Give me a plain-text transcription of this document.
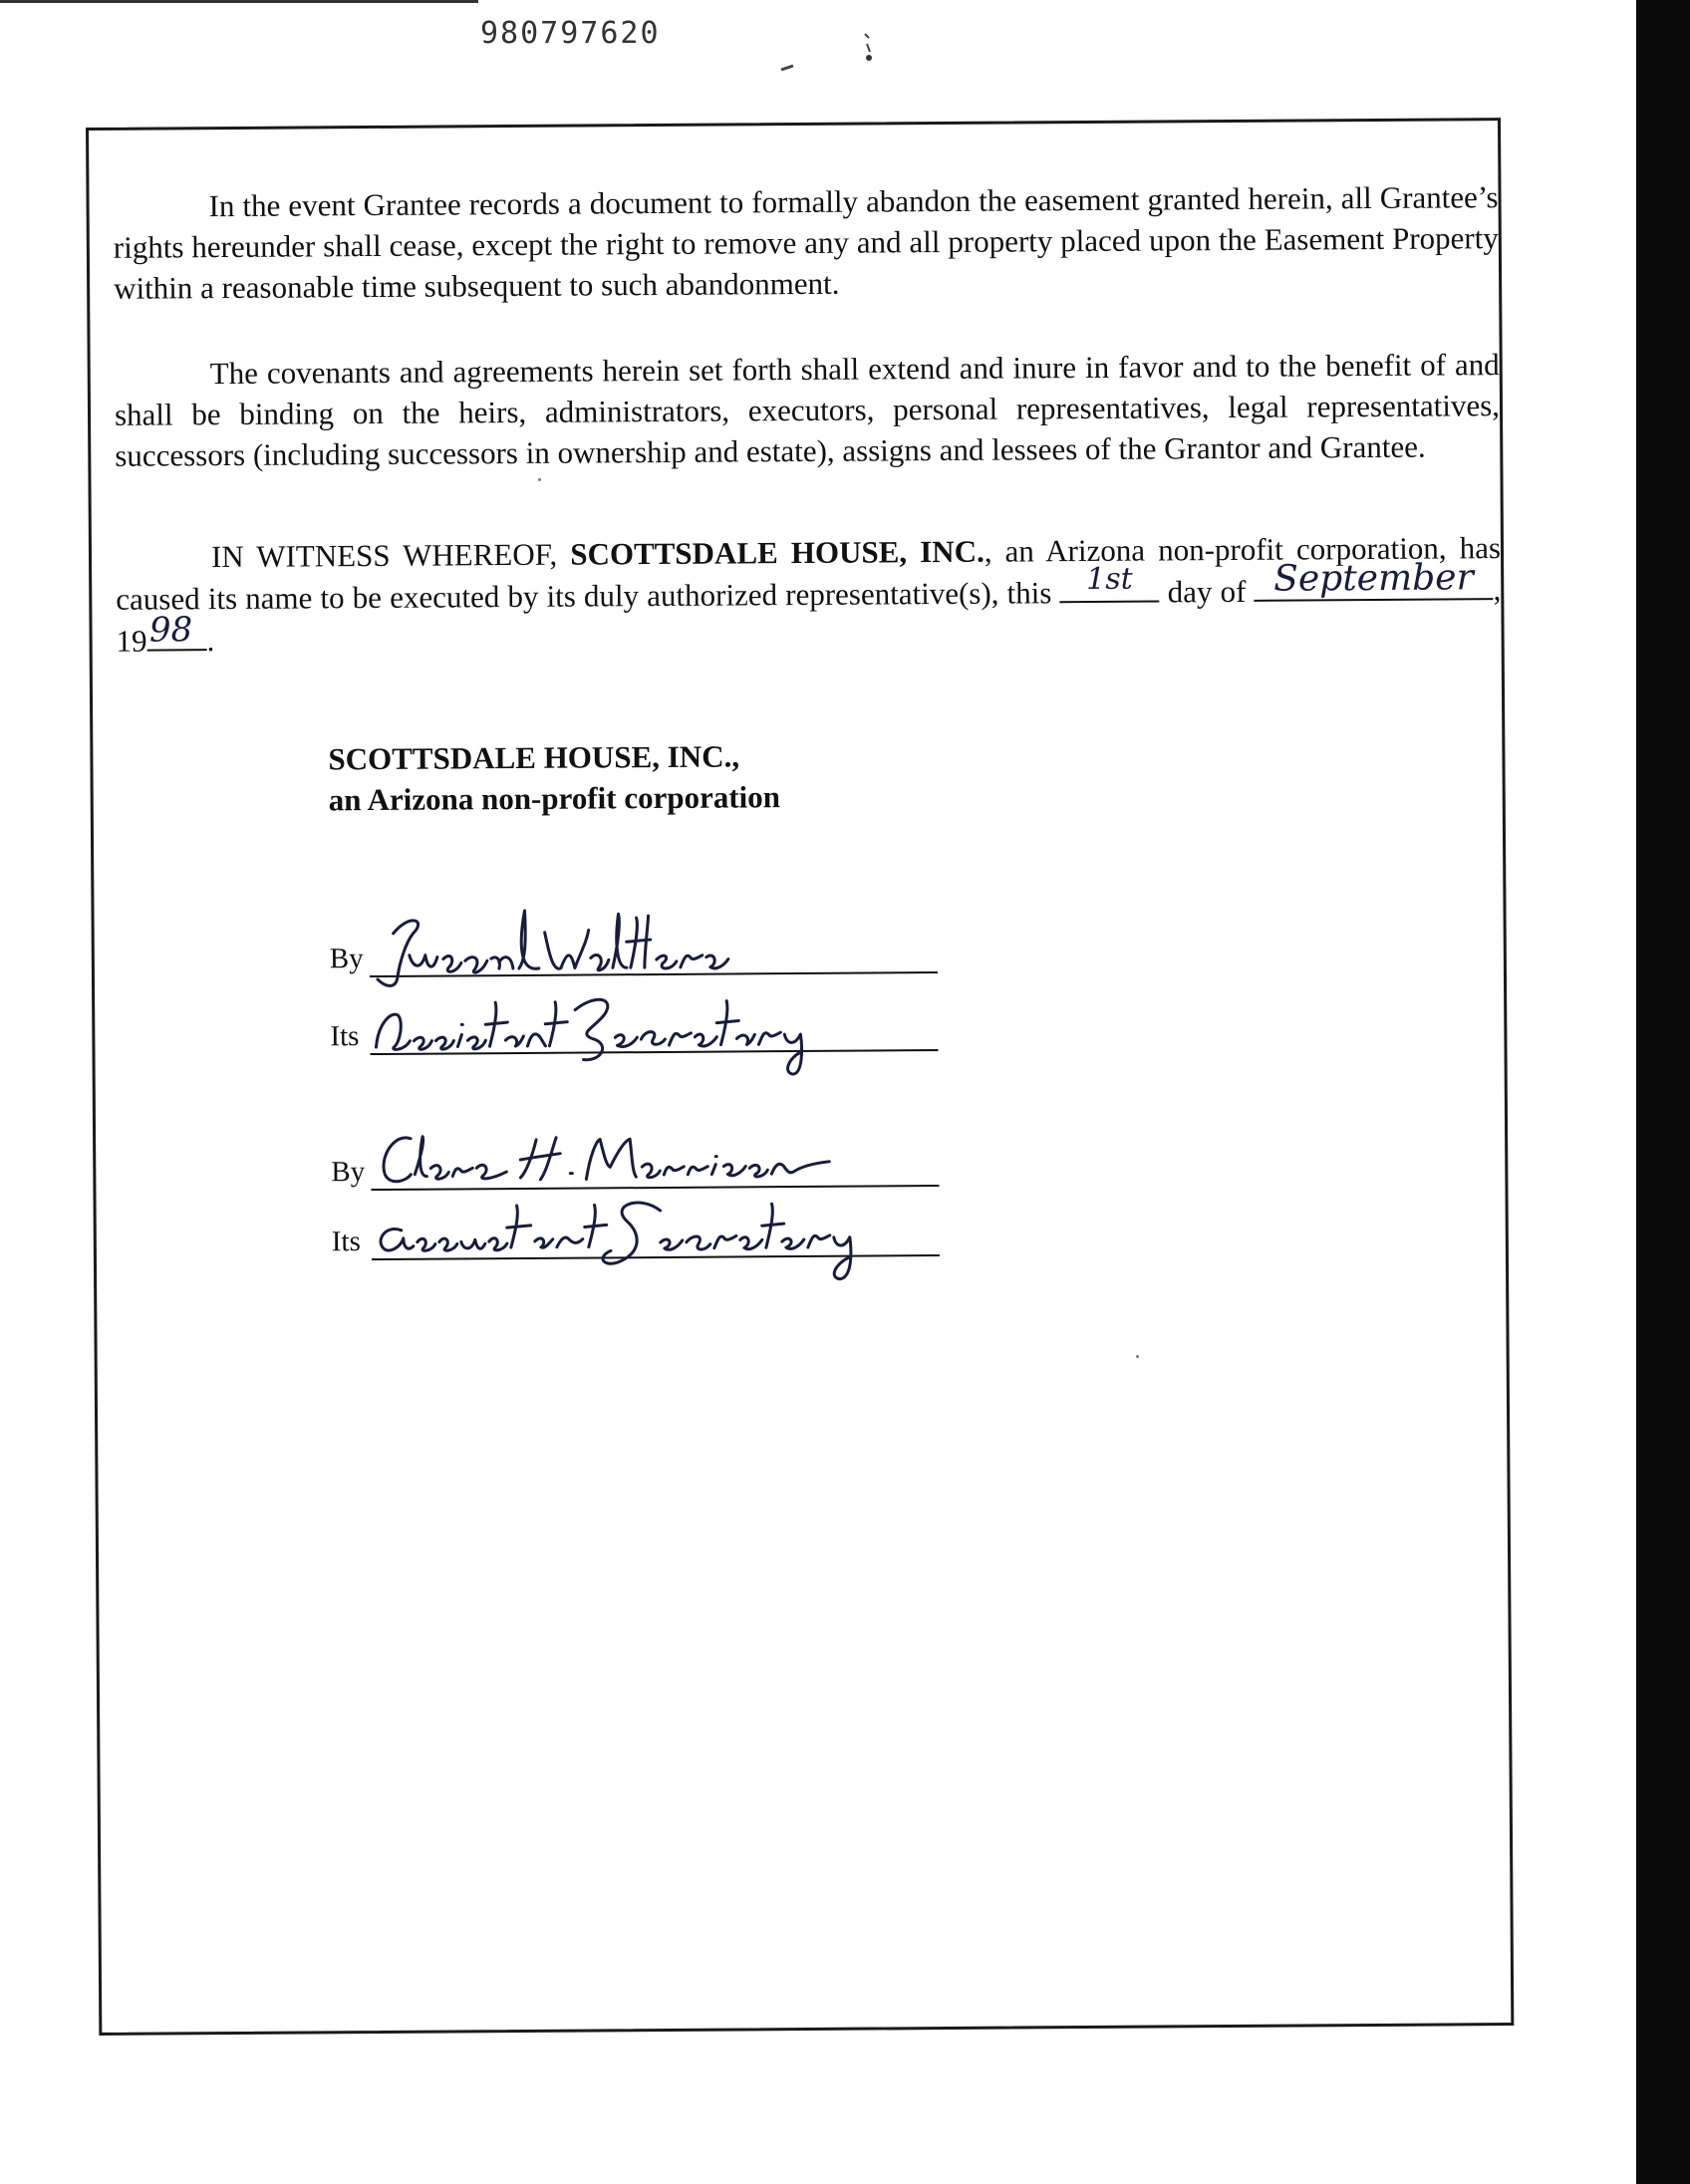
980797620

In the event Grantee records a document to formally abandon the easement granted herein, all Grantee’s rights hereunder shall cease, except the right to remove any and all property placed upon the Easement Property within a reasonable time subsequent to such abandonment.

The covenants and agreements herein set forth shall extend and inure in favor and to the benefit of and shall be binding on the heirs, administrators, executors, personal representatives, legal representatives, successors (including successors in ownership and estate), assigns and lessees of the Grantor and Grantee.

IN WITNESS WHEREOF, SCOTTSDALE HOUSE, INC., an Arizona non-profit corporation, has caused its name to be executed by its duly authorized representative(s), this 1st day of September , 19 98 .

SCOTTSDALE HOUSE, INC.,
an Arizona non-profit corporation
By
Its
By
Its
